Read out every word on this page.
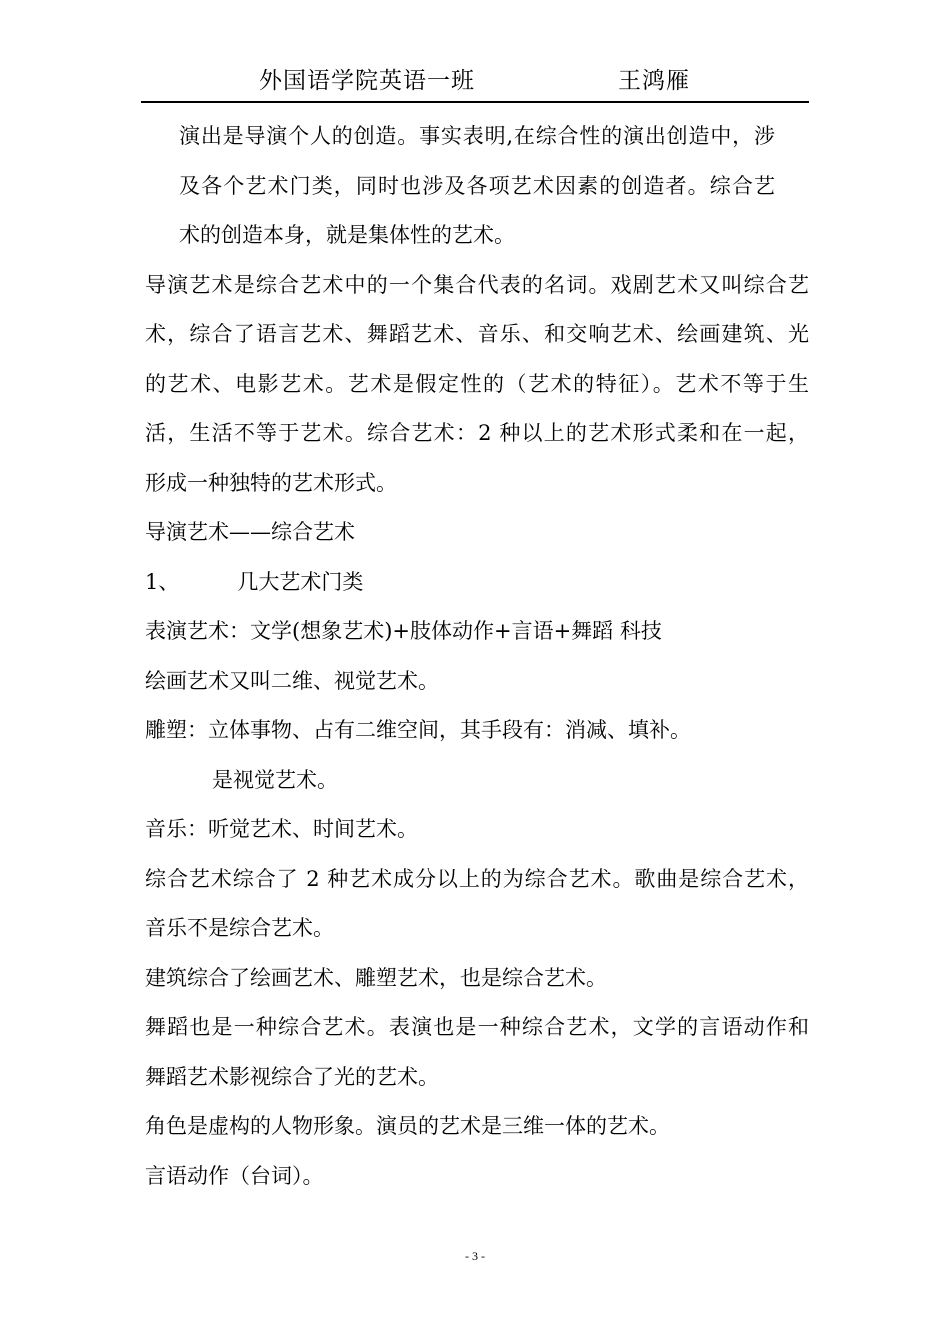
外国语学院英语一班	王鸿雁
演出是导演个人的创造。事实表明,在综合性的演出创造中，涉
及各个艺术门类，同时也涉及各项艺术因素的创造者。综合艺
术的创造本身，就是集体性的艺术。
导演艺术是综合艺术中的一个集合代表的名词。戏剧艺术又叫综合艺
术，综合了语言艺术、舞蹈艺术、音乐、和交响艺术、绘画建筑、光
的艺术、电影艺术。艺术是假定性的（艺术的特征）。艺术不等于生
活，生活不等于艺术。综合艺术：2 种以上的艺术形式柔和在一起，
形成一种独特的艺术形式。
导演艺术——综合艺术
1、	几大艺术门类
表演艺术：文学(想象艺术)+肢体动作+言语+舞蹈 科技
绘画艺术又叫二维、视觉艺术。
雕塑：立体事物、占有二维空间，其手段有：消减、填补。
是视觉艺术。
音乐：听觉艺术、时间艺术。
综合艺术综合了 2 种艺术成分以上的为综合艺术。歌曲是综合艺术，
音乐不是综合艺术。
建筑综合了绘画艺术、雕塑艺术，也是综合艺术。
舞蹈也是一种综合艺术。表演也是一种综合艺术，文学的言语动作和
舞蹈艺术影视综合了光的艺术。
角色是虚构的人物形象。演员的艺术是三维一体的艺术。
言语动作（台词）。
- 3 -
